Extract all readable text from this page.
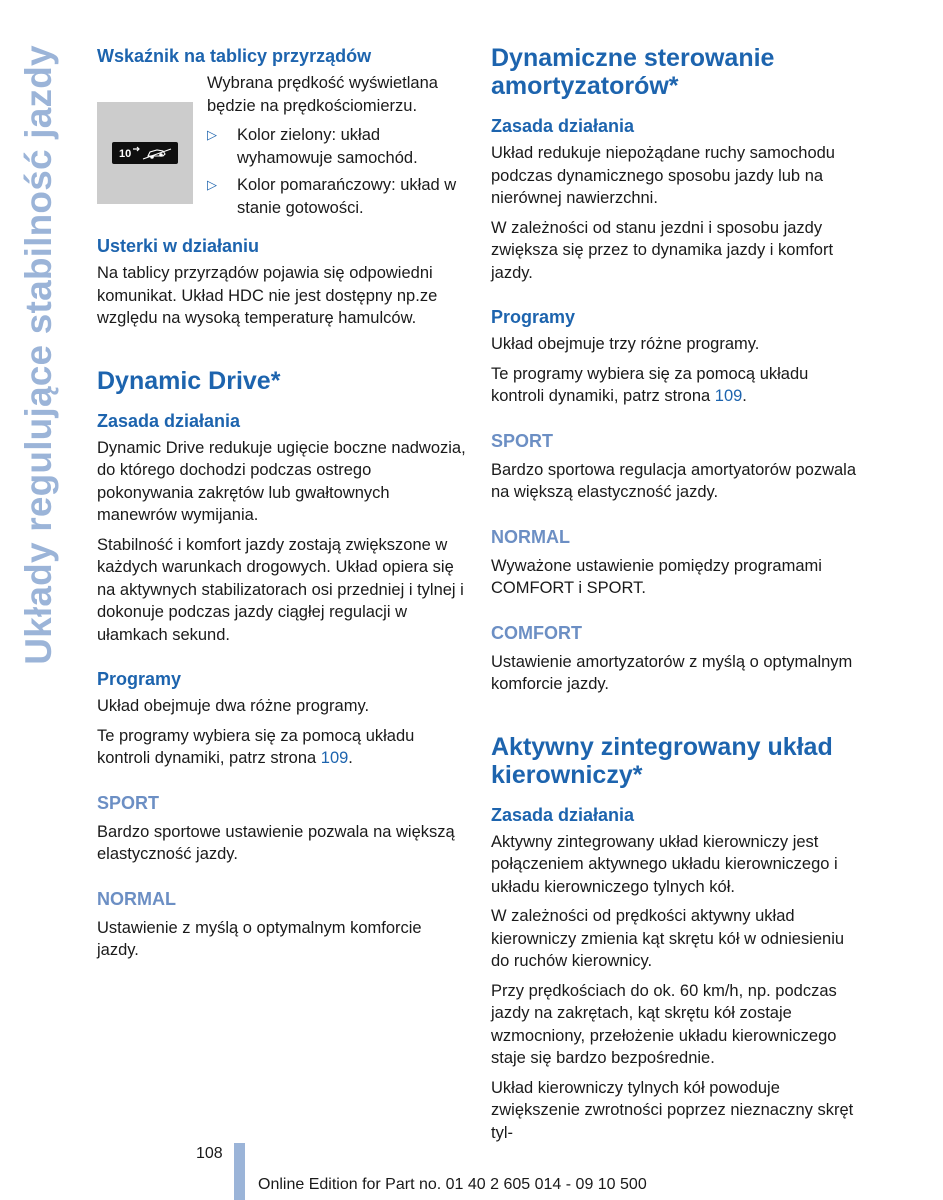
Układy regulujące stabilność jazdy Wskaźnik na tablicy przyrządów
10

Wybrana prędkość wyświetlana będzie na prędkościomierzu.

▷	Kolor zielony: układ wyhamowuje samochód.
▷	Kolor pomarańczowy: układ w stanie gotowości.
Usterki w działaniu

Na tablicy przyrządów pojawia się odpowiedni komunikat. Układ HDC nie jest dostępny np.ze względu na wysoką temperaturę hamulców.

Dynamic Drive*
Zasada działania

Dynamic Drive redukuje ugięcie boczne nadwozia, do którego dochodzi podczas ostrego pokonywania zakrętów lub gwałtownych manewrów wymijania.

Stabilność i komfort jazdy zostają zwiększone w każdych warunkach drogowych. Układ opiera się na aktywnych stabilizatorach osi przedniej i tylnej i dokonuje podczas jazdy ciągłej regulacji w ułamkach sekund.

Programy

Układ obejmuje dwa różne programy.

Te programy wybiera się za pomocą układu kontroli dynamiki, patrz strona 109.

SPORT

Bardzo sportowe ustawienie pozwala na większą elastyczność jazdy.

NORMAL

Ustawienie z myślą o optymalnym komforcie jazdy.

Dynamiczne sterowanie amortyzatorów*
Zasada działania

Układ redukuje niepożądane ruchy samochodu podczas dynamicznego sposobu jazdy lub na nierównej nawierzchni.

W zależności od stanu jezdni i sposobu jazdy zwiększa się przez to dynamika jazdy i komfort jazdy.

Programy

Układ obejmuje trzy różne programy.

Te programy wybiera się za pomocą układu kontroli dynamiki, patrz strona 109.

SPORT

Bardzo sportowa regulacja amortyatorów pozwala na większą elastyczność jazdy.

NORMAL

Wyważone ustawienie pomiędzy programami COMFORT i SPORT.

COMFORT

Ustawienie amortyzatorów z myślą o optymalnym komforcie jazdy.

Aktywny zintegrowany układ kierowniczy*
Zasada działania

Aktywny zintegrowany układ kierowniczy jest połączeniem aktywnego układu kierowniczego i układu kierowniczego tylnych kół.

W zależności od prędkości aktywny układ kierowniczy zmienia kąt skrętu kół w odniesieniu do ruchów kierownicy.

Przy prędkościach do ok. 60 km/h, np. podczas jazdy na zakrętach, kąt skrętu kół zostaje wzmocniony, przełożenie układu kierowniczego staje się bardzo bezpośrednie.

Układ kierowniczy tylnych kół powoduje zwiększenie zwrotności poprzez nieznaczny skręt tyl-

108
Online Edition for Part no. 01 40 2 605 014 - 09 10 500
